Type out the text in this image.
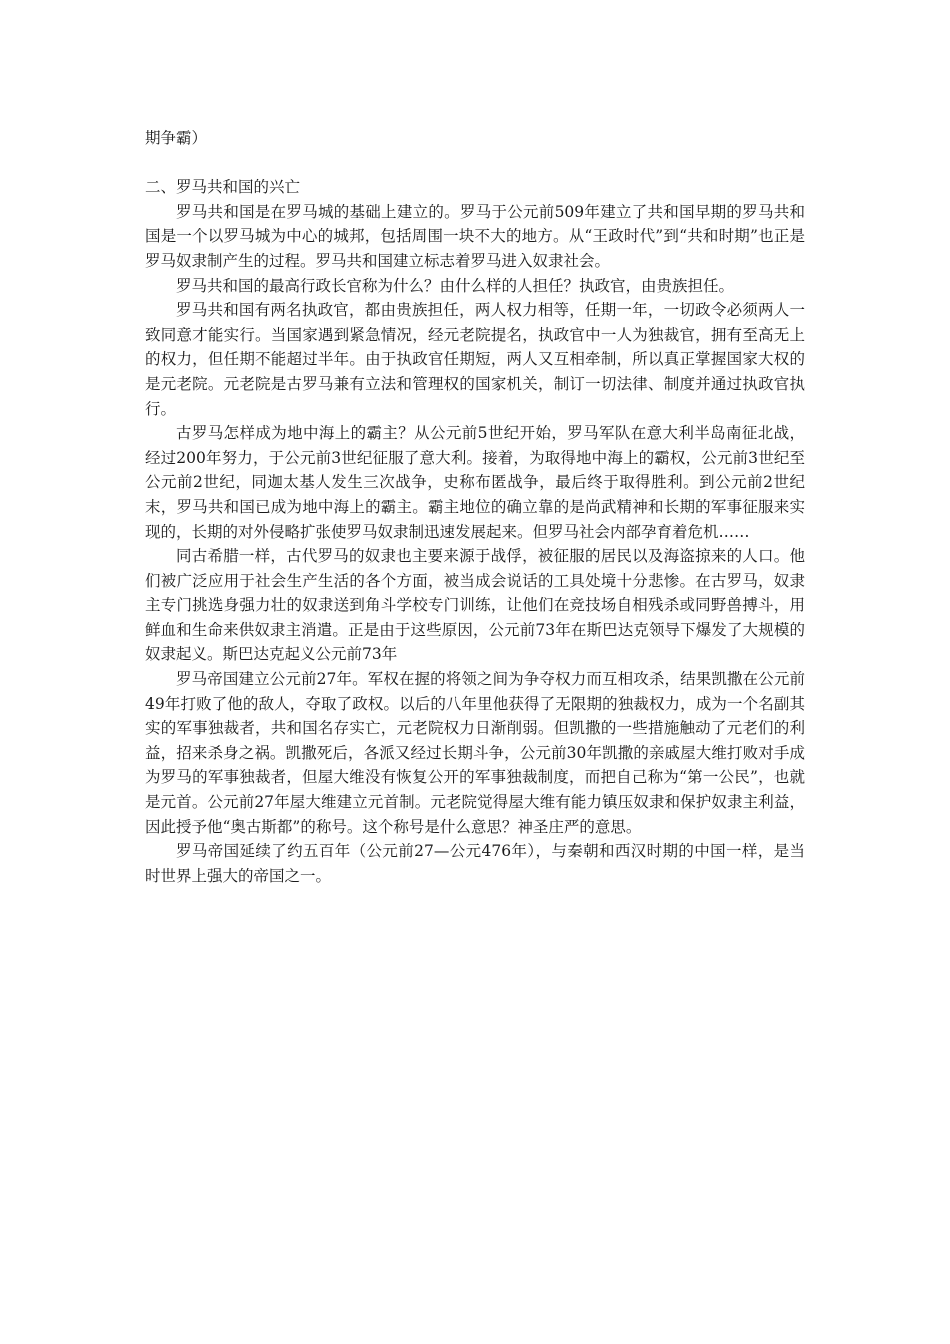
期争霸）

二、罗马共和国的兴亡

罗马共和国是在罗马城的基础上建立的。罗马于公元前509年建立了共和国早期的罗马共和国是一个以罗马城为中心的城邦，包括周围一块不大的地方。从“王政时代”到“共和时期”也正是罗马奴隶制产生的过程。罗马共和国建立标志着罗马进入奴隶社会。

罗马共和国的最高行政长官称为什么？由什么样的人担任？执政官，由贵族担任。

罗马共和国有两名执政官，都由贵族担任，两人权力相等，任期一年，一切政令必须两人一致同意才能实行。当国家遇到紧急情况，经元老院提名，执政官中一人为独裁官，拥有至高无上的权力，但任期不能超过半年。由于执政官任期短，两人又互相牵制，所以真正掌握国家大权的是元老院。元老院是古罗马兼有立法和管理权的国家机关，制订一切法律、制度并通过执政官执行。

古罗马怎样成为地中海上的霸主？从公元前5世纪开始，罗马军队在意大利半岛南征北战，经过200年努力，于公元前3世纪征服了意大利。接着，为取得地中海上的霸权，公元前3世纪至公元前2世纪，同迦太基人发生三次战争，史称布匿战争，最后终于取得胜利。到公元前2世纪末，罗马共和国已成为地中海上的霸主。霸主地位的确立靠的是尚武精神和长期的军事征服来实现的，长期的对外侵略扩张使罗马奴隶制迅速发展起来。但罗马社会内部孕育着危机……

同古希腊一样，古代罗马的奴隶也主要来源于战俘，被征服的居民以及海盗掠来的人口。他们被广泛应用于社会生产生活的各个方面，被当成会说话的工具处境十分悲惨。在古罗马，奴隶主专门挑选身强力壮的奴隶送到角斗学校专门训练，让他们在竞技场自相残杀或同野兽搏斗，用鲜血和生命来供奴隶主消遣。正是由于这些原因，公元前73年在斯巴达克领导下爆发了大规模的奴隶起义。斯巴达克起义公元前73年

罗马帝国建立公元前27年。军权在握的将领之间为争夺权力而互相攻杀，结果凯撒在公元前49年打败了他的敌人，夺取了政权。以后的八年里他获得了无限期的独裁权力，成为一个名副其实的军事独裁者，共和国名存实亡，元老院权力日渐削弱。但凯撒的一些措施触动了元老们的利益，招来杀身之祸。凯撒死后，各派又经过长期斗争，公元前30年凯撒的亲戚屋大维打败对手成为罗马的军事独裁者，但屋大维没有恢复公开的军事独裁制度，而把自己称为“第一公民”，也就是元首。公元前27年屋大维建立元首制。元老院觉得屋大维有能力镇压奴隶和保护奴隶主利益，因此授予他“奥古斯都”的称号。这个称号是什么意思？神圣庄严的意思。

罗马帝国延续了约五百年（公元前27—公元476年），与秦朝和西汉时期的中国一样，是当时世界上强大的帝国之一。
